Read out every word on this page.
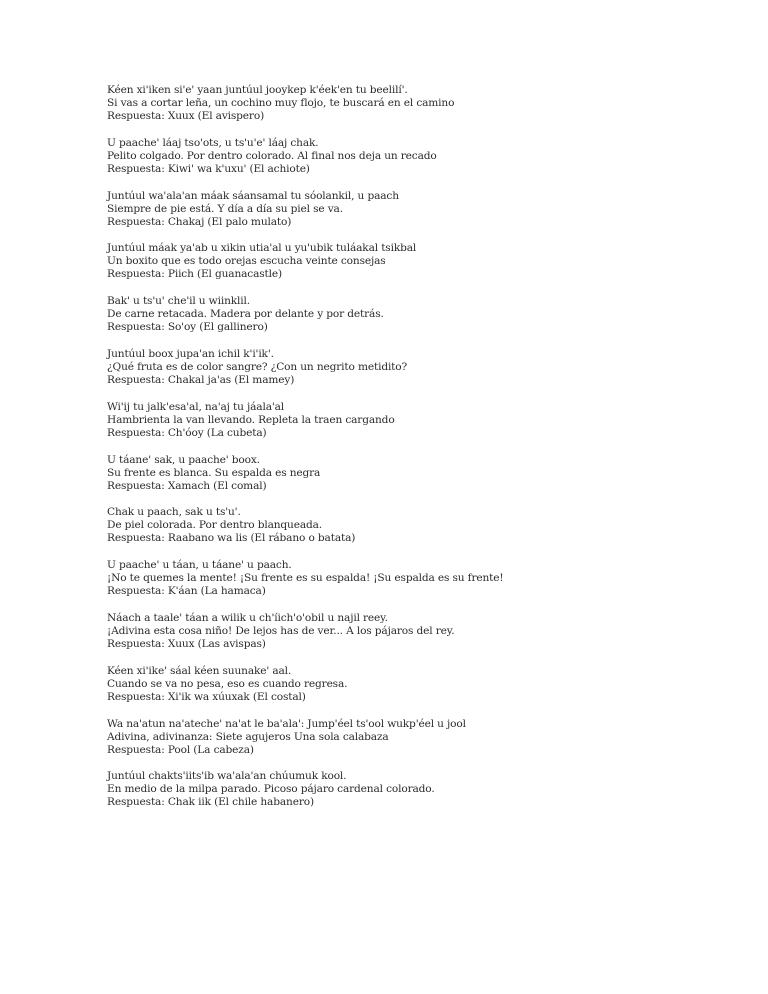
Kéen xi'iken si'e' yaan juntúul jooykep k'éek'en tu beelilí'.
Si vas a cortar leña, un cochino muy flojo, te buscará en el camino
Respuesta: Xuux (El avispero)
U paache' láaj tso'ots, u ts'u'e' láaj chak.
Pelito colgado. Por dentro colorado. Al final nos deja un recado
Respuesta: Kiwi' wa k'uxu' (El achiote)
Juntúul wa'ala'an máak sáansamal tu sóolankil, u paach
Siempre de pie está. Y día a día su piel se va.
Respuesta: Chakaj (El palo mulato)
Juntúul máak ya'ab u xikin utia'al u yu'ubik tuláakal tsikbal
Un boxito que es todo orejas escucha veinte consejas
Respuesta: Piich (El guanacastle)
Bak' u ts'u' che'il u wiinklil.
De carne retacada. Madera por delante y por detrás.
Respuesta: So'oy (El gallinero)
Juntúul boox jupa'an ichil k'i'ik'.
¿Qué fruta es de color sangre? ¿Con un negrito metidito?
Respuesta: Chakal ja'as (El mamey)
Wi'ij tu jalk'esa'al, na'aj tu jáala'al
Hambrienta la van llevando. Repleta la traen cargando
Respuesta: Ch'óoy (La cubeta)
U táane' sak, u paache' boox.
Su frente es blanca. Su espalda es negra
Respuesta: Xamach (El comal)
Chak u paach, sak u ts'u'.
De piel colorada. Por dentro blanqueada.
Respuesta: Raabano wa lis (El rábano o batata)
U paache' u táan, u táane' u paach.
¡No te quemes la mente! ¡Su frente es su espalda! ¡Su espalda es su frente!
Respuesta: K'áan (La hamaca)
Náach a taale' táan a wilik u ch'íich'o'obil u najil reey.
¡Adivina esta cosa niño! De lejos has de ver... A los pájaros del rey.
Respuesta: Xuux (Las avispas)
Kéen xi'ike' sáal kéen suunake' aal.
Cuando se va no pesa, eso es cuando regresa.
Respuesta: Xi'ik wa xúuxak (El costal)
Wa na'atun na'ateche' na'at le ba'ala': Jump'éel ts'ool wukp'éel u jool
Adivina, adivinanza: Siete agujeros Una sola calabaza
Respuesta: Pool (La cabeza)
Juntúul chakts'iits'ib wa'ala'an chúumuk kool.
En medio de la milpa parado. Picoso pájaro cardenal colorado.
Respuesta: Chak iik (El chile habanero)
